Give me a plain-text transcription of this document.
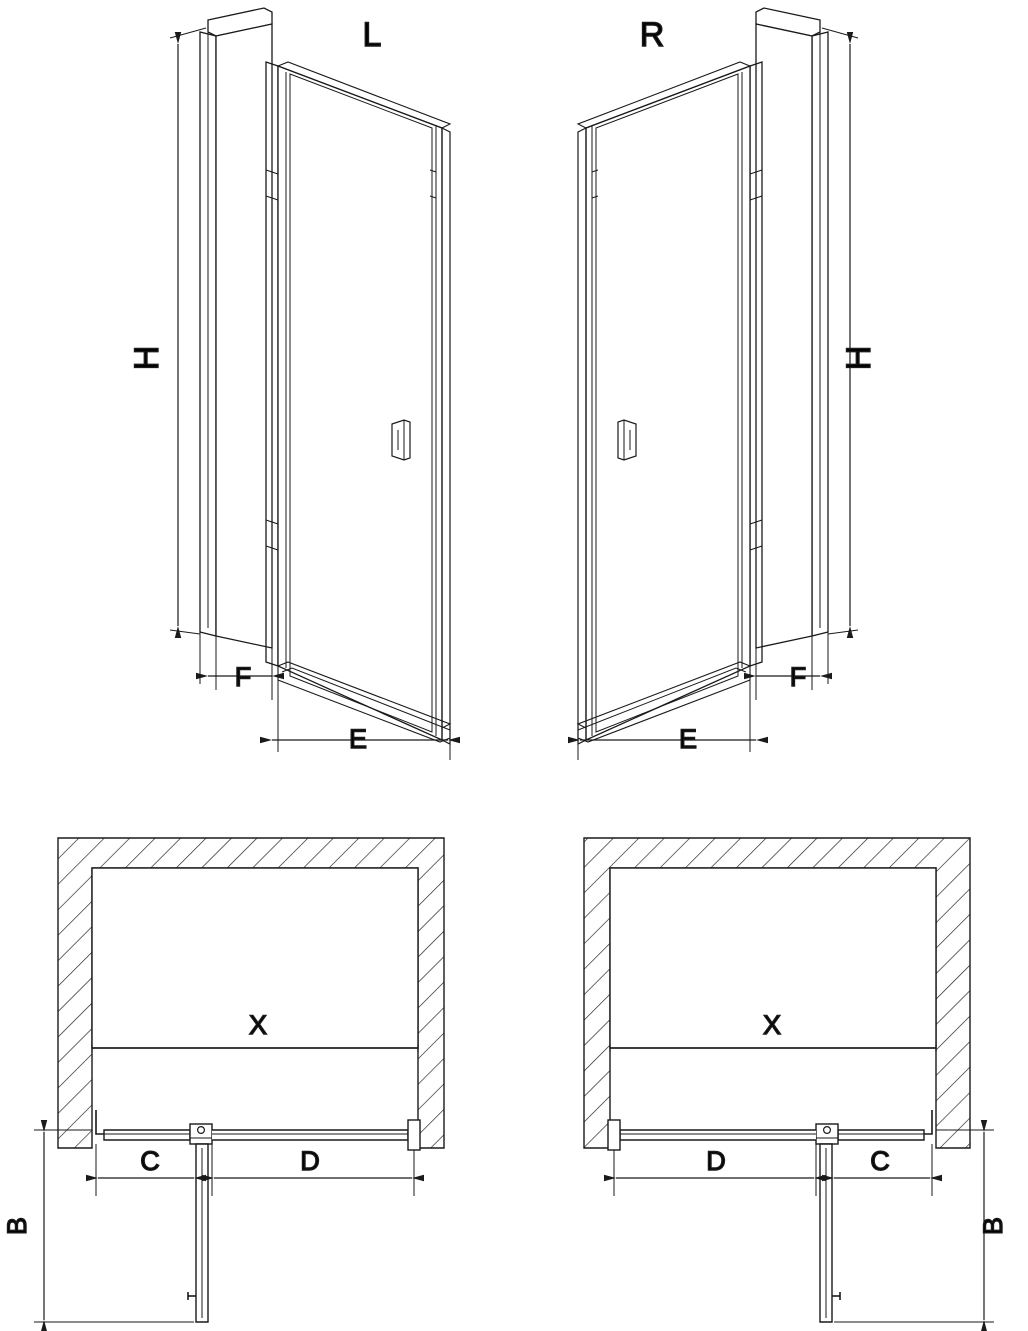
H
F
E
L
H
F
E
R
X
C	D
B
X
C
D
B
